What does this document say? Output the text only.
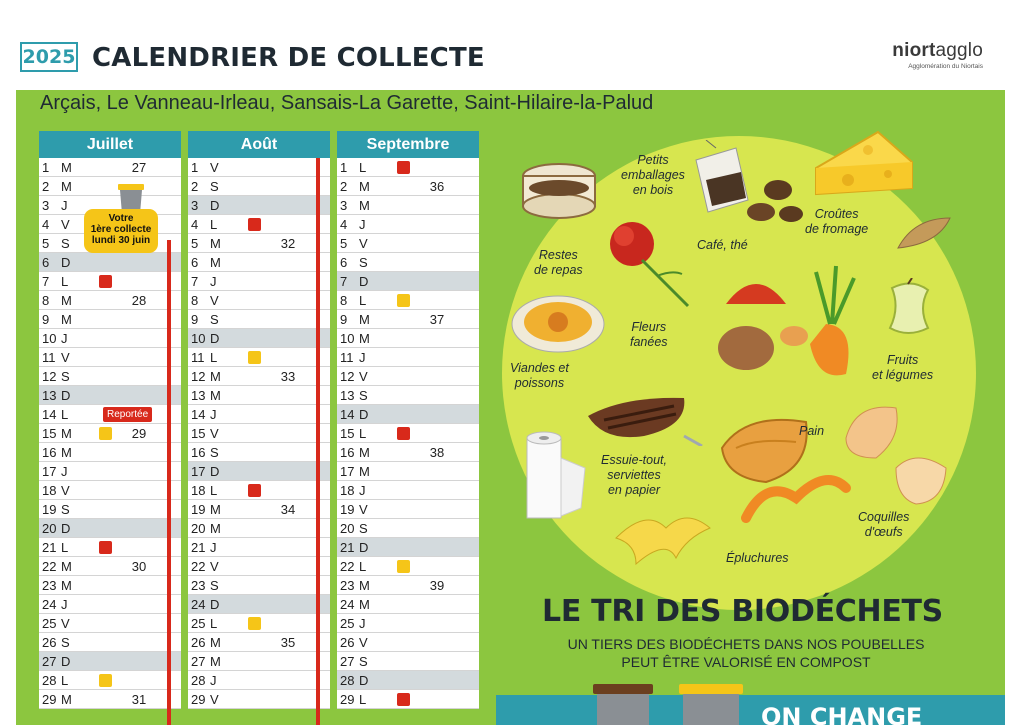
2025 CALENDRIER DE COLLECTE	niortagglo
Agglomération du Niortais
Arçais, Le Vanneau-Irleau, Sansais-La Garette, Saint-Hilaire-la-Palud
Juillet
1 M	27
2 M
3 J
4 V
5 S
6 D
7 L
8 M	28
9 M
10 J
11 V
12 S
13 D
14 L	Reportée
15 M	29
16 M
17 J
18 V
19 S
20 D
21 L
22 M	30
23 M
24 J
25 V
26 S
27 D
28 L
29 M	31
Août
1 V
2 S
3 D
4 L
5 M	32
6 M
7 J
8 V
9 S
10 D
11 L
12 M	33
13 M
14 J
15 V
16 S
17 D
18 L
19 M	34
20 M
21 J
22 V
23 S
24 D
25 L
26 M	35
27 M
28 J
29 V
Septembre
1 L
2 M	36
3 M
4 J
5 V
6 S
7 D
8 L
9 M	37
10 M
11 J
12 V
13 S
14 D
15 L
16 M	38
17 M
18 J
19 V
20 S
21 D
22 L
23 M	39
24 M
25 J
26 V
27 S
28 D
29 L
Votre
1ère collecte
lundi 30 juin
Petits
emballages
en bois
Café, thé
Croûtes
de fromage
Restes
de repas
Fleurs
fanées
Fruits
et légumes
Viandes et
poissons
Pain
Essuie-tout,
serviettes
en papier
Coquilles
d'œufs
Épluchures
LE TRI DES BIODÉCHETS
UN TIERS DES BIODÉCHETS DANS NOS POUBELLES
PEUT ÊTRE VALORISÉ EN COMPOST
ON CHANGE
